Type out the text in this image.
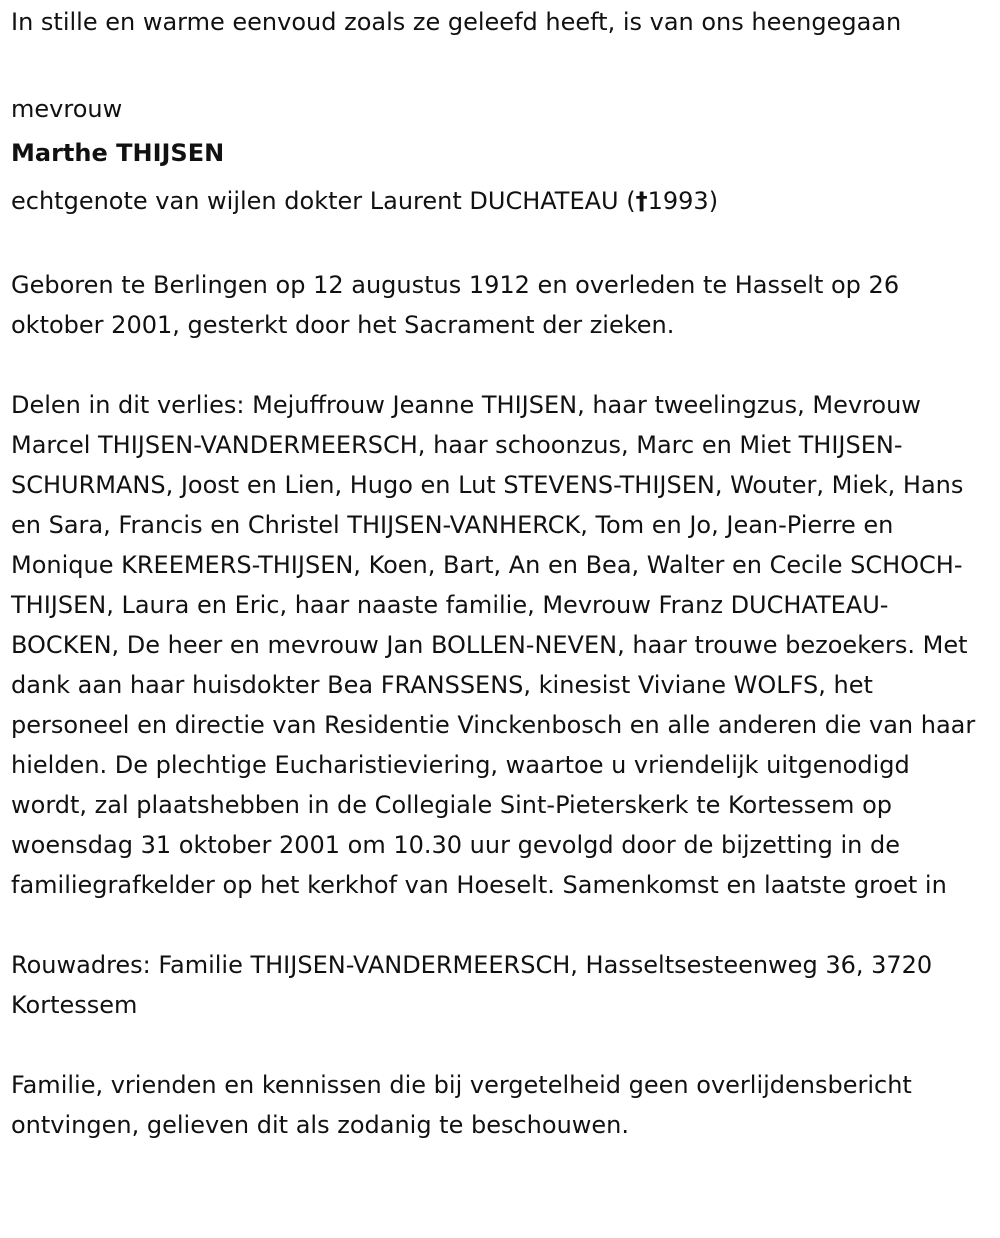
In stille en warme eenvoud zoals ze geleefd heeft, is van ons heengegaan

mevrouw

Marthe THIJSEN

echtgenote van wijlen dokter Laurent DUCHATEAU (†1993)

Geboren te Berlingen op 12 augustus 1912 en overleden te Hasselt op 26 oktober 2001, gesterkt door het Sacrament der zieken.

Delen in dit verlies: Mejuffrouw Jeanne THIJSEN, haar tweelingzus, Mevrouw Marcel THIJSEN-VANDERMEERSCH, haar schoonzus, Marc en Miet THIJSEN-SCHURMANS, Joost en Lien, Hugo en Lut STEVENS-THIJSEN, Wouter, Miek, Hans en Sara, Francis en Christel THIJSEN-VANHERCK, Tom en Jo, Jean-Pierre en Monique KREEMERS-THIJSEN, Koen, Bart, An en Bea, Walter en Cecile SCHOCH-THIJSEN, Laura en Eric, haar naaste familie, Mevrouw Franz DUCHATEAU-BOCKEN, De heer en mevrouw Jan BOLLEN-NEVEN, haar trouwe bezoekers. Met dank aan haar huisdokter Bea FRANSSENS, kinesist Viviane WOLFS, het personeel en directie van Residentie Vinckenbosch en alle anderen die van haar hielden. De plechtige Eucharistieviering, waartoe u vriendelijk uitgenodigd wordt, zal plaatshebben in de Collegiale Sint-Pieterskerk te Kortessem op woensdag 31 oktober 2001 om 10.30 uur gevolgd door de bijzetting in de familiegrafkelder op het kerkhof van Hoeselt. Samenkomst en laatste groet in

Rouwadres: Familie THIJSEN-VANDERMEERSCH, Hasseltsesteenweg 36, 3720 Kortessem

Familie, vrienden en kennissen die bij vergetelheid geen overlijdensbericht ontvingen, gelieven dit als zodanig te beschouwen.
